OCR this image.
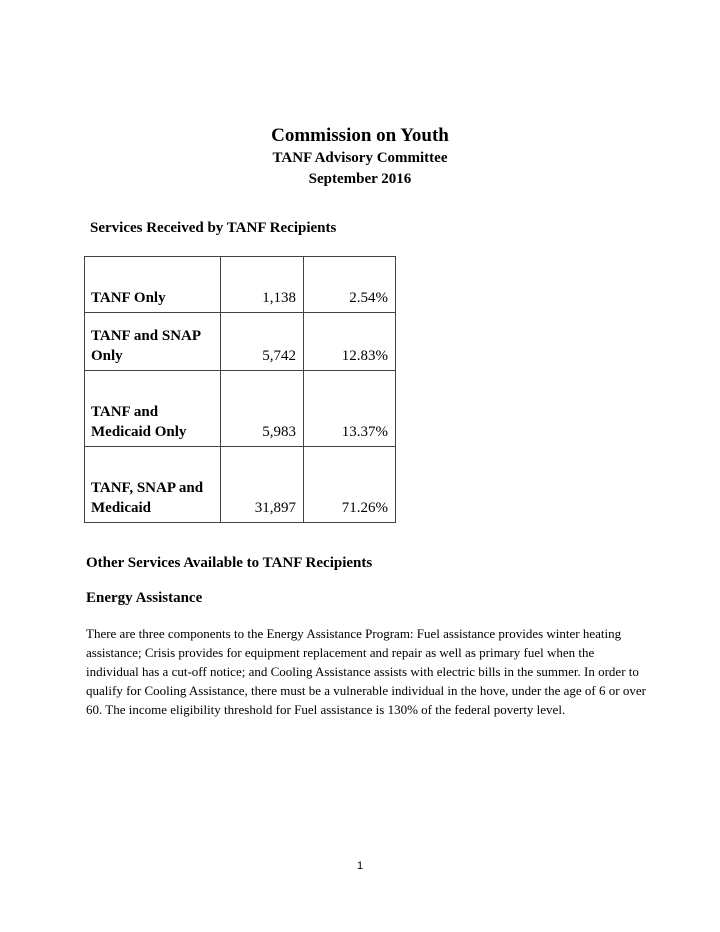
Commission on Youth
TANF Advisory Committee
September 2016
Services Received by TANF Recipients
TANF Only	1,138	2.54%
TANF and SNAP Only	5,742	12.83%
TANF and Medicaid Only	5,983	13.37%
TANF, SNAP and Medicaid	31,897	71.26%
Other Services Available to TANF Recipients
Energy Assistance
There are three components to the Energy Assistance Program: Fuel assistance provides winter heating assistance; Crisis provides for equipment replacement and repair as well as primary fuel when the individual has a cut-off notice; and Cooling Assistance assists with electric bills in the summer. In order to qualify for Cooling Assistance, there must be a vulnerable individual in the hove, under the age of 6 or over 60. The income eligibility threshold for Fuel assistance is 130% of the federal poverty level.
1
